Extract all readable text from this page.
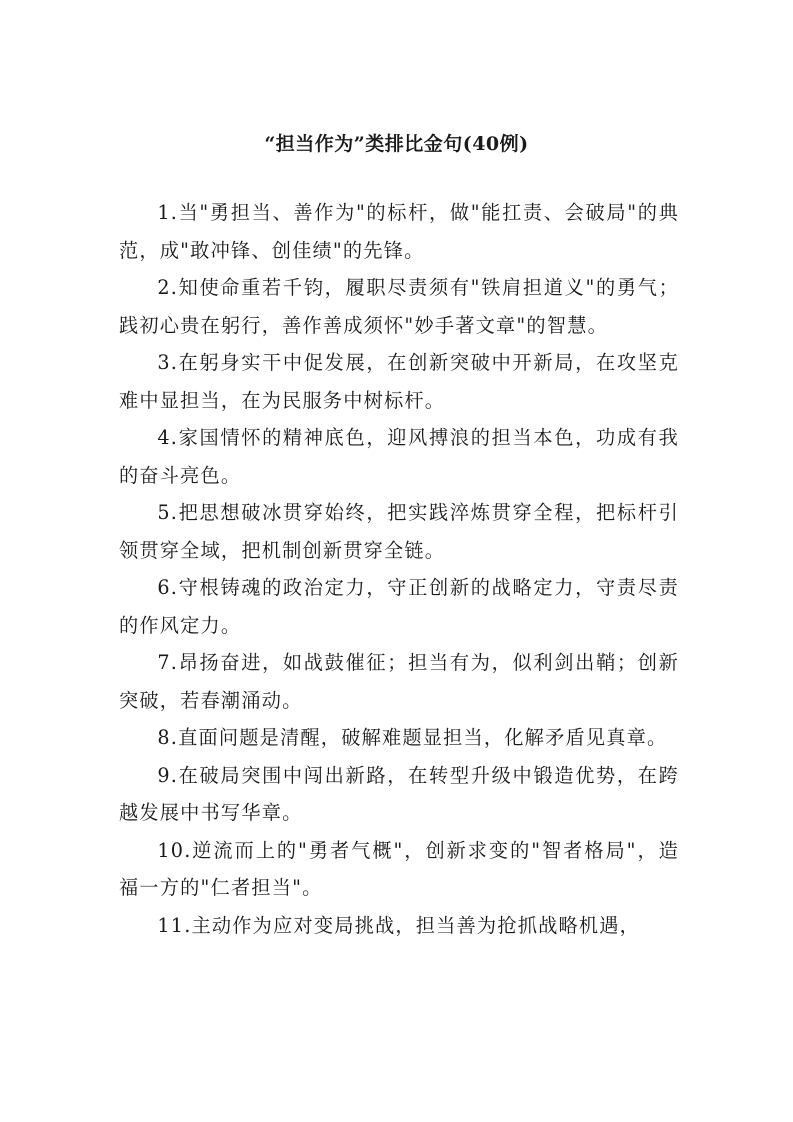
“担当作为”类排比金句(40例)

1.当"勇担当、善作为"的标杆，做"能扛责、会破局"的典范，成"敢冲锋、创佳绩"的先锋。

2.知使命重若千钧，履职尽责须有"铁肩担道义"的勇气；践初心贵在躬行，善作善成须怀"妙手著文章"的智慧。

3.在躬身实干中促发展，在创新突破中开新局，在攻坚克难中显担当，在为民服务中树标杆。

4.家国情怀的精神底色，迎风搏浪的担当本色，功成有我的奋斗亮色。

5.把思想破冰贯穿始终，把实践淬炼贯穿全程，把标杆引领贯穿全域，把机制创新贯穿全链。

6.守根铸魂的政治定力，守正创新的战略定力，守责尽责的作风定力。

7.昂扬奋进，如战鼓催征；担当有为，似利剑出鞘；创新突破，若春潮涌动。

8.直面问题是清醒，破解难题显担当，化解矛盾见真章。

9.在破局突围中闯出新路，在转型升级中锻造优势，在跨越发展中书写华章。

10.逆流而上的"勇者气概"，创新求变的"智者格局"，造福一方的"仁者担当"。

11.主动作为应对变局挑战，担当善为抢抓战略机遇，
